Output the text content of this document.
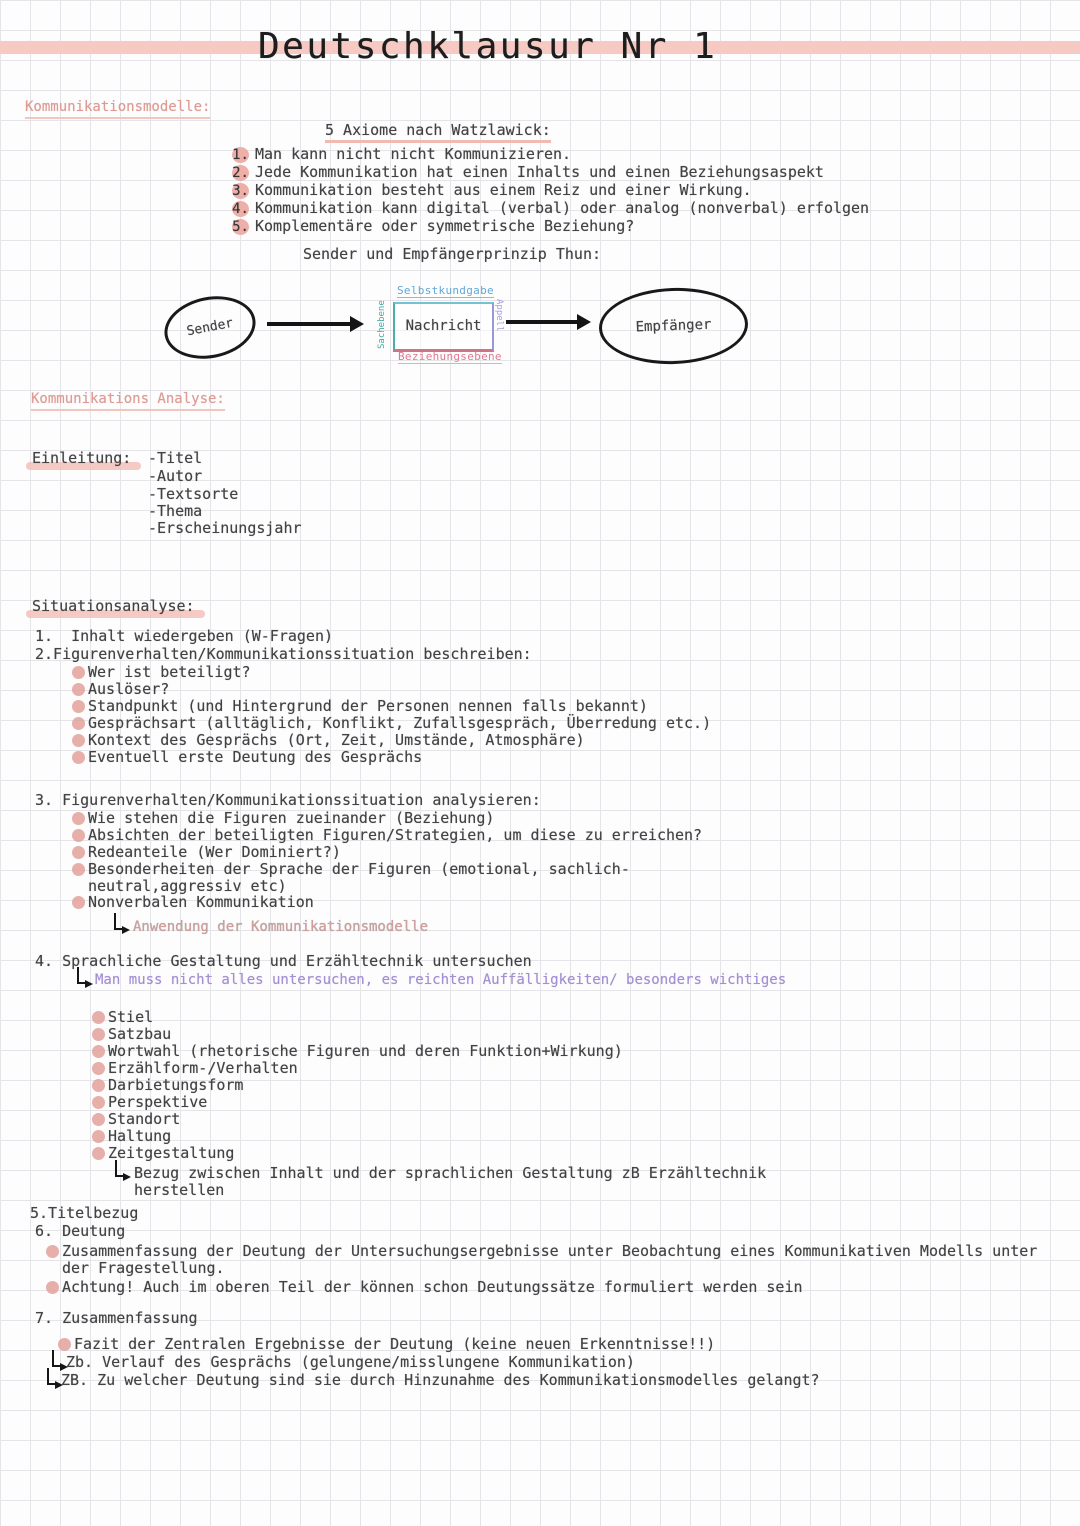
Deutschklausur Nr 1
Kommunikationsmodelle:
5 Axiome nach Watzlawick:
1. Man kann nicht nicht Kommunizieren.
2. Jede Kommunikation hat einen Inhalts und einen Beziehungsaspekt
3. Kommunikation besteht aus einem Reiz und einer Wirkung.
4. Kommunikation kann digital (verbal) oder analog (nonverbal) erfolgen
5. Komplementäre oder symmetrische Beziehung?
Sender und Empfängerprinzip Thun:
Sender
Selbstkundgabe
Sachebene Nachricht Appell
Beziehungsebene
Empfänger
Kommunikations Analyse:
Einleitung: -Titel
-Autor
-Textsorte
-Thema
-Erscheinungsjahr
Situationsanalyse:
1.  Inhalt wiedergeben (W-Fragen)
2.Figurenverhalten/Kommunikationssituation beschreiben:
Wer ist beteiligt?
Auslöser?
Standpunkt (und Hintergrund der Personen nennen falls bekannt)
Gesprächsart (alltäglich, Konflikt, Zufallsgespräch, Überredung etc.)
Kontext des Gesprächs (Ort, Zeit, Umstände, Atmosphäre)
Eventuell erste Deutung des Gesprächs
3. Figurenverhalten/Kommunikationssituation analysieren:
Wie stehen die Figuren zueinander (Beziehung)
Absichten der beteiligten Figuren/Strategien, um diese zu erreichen?
Redeanteile (Wer Dominiert?)
Besonderheiten der Sprache der Figuren (emotional, sachlich-neutral,aggressiv etc)
Nonverbalen Kommunikation
Anwendung der Kommunikationsmodelle
4. Sprachliche Gestaltung und Erzähltechnik untersuchen
Man muss nicht alles untersuchen, es reichten Auffälligkeiten/ besonders wichtiges
Stiel
Satzbau
Wortwahl (rhetorische Figuren und deren Funktion+Wirkung)
Erzählform-/Verhalten
Darbietungsform
Perspektive
Standort
Haltung
Zeitgestaltung
Bezug zwischen Inhalt und der sprachlichen Gestaltung zB Erzähltechnik herstellen
5.Titelbezug
6. Deutung
Zusammenfassung der Deutung der Untersuchungsergebnisse unter Beobachtung eines Kommunikativen Modells unter der Fragestellung.
Achtung! Auch im oberen Teil der können schon Deutungssätze formuliert werden sein
7. Zusammenfassung
Fazit der Zentralen Ergebnisse der Deutung (keine neuen Erkenntnisse!!)
Zb. Verlauf des Gesprächs (gelungene/misslungene Kommunikation)
ZB. Zu welcher Deutung sind sie durch Hinzunahme des Kommunikationsmodelles gelangt?
